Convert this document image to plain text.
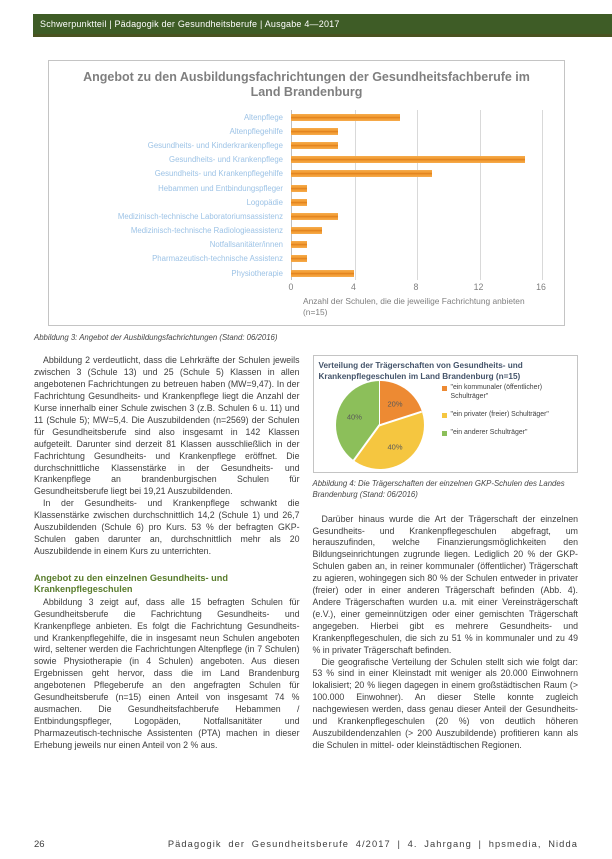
Schwerpunktteil | Pädagogik der Gesundheitsberufe | Ausgabe 4—2017
Angebot zu den Ausbildungsfachrichtungen der Gesundheitsfachberufe im Land Brandenburg
Altenpflege
Altenpflegehilfe
Gesundheits- und Kinderkrankenpflege
Gesundheits- und Krankenpflege
Gesundheits- und Krankenpflegehilfe
Hebammen und Entbindungspfleger
Logopädie
Medizinisch-technische Laboratoriumsassistenz
Medizinisch-technische Radiologieassistenz
Notfallsanitäter/innen
Pharmazeutisch-technische Assistenz
Physiotherapie
0	4	8	12	16
Anzahl der Schulen, die die jeweilige Fachrichtung anbieten (n=15)
Abbildung 3: Angebot der Ausbildungsfachrichtungen (Stand: 06/2016)

Abbildung 2 verdeutlicht, dass die Lehrkräfte der Schulen jeweils zwischen 3 (Schule 13) und 25 (Schule 5) Klassen in allen angebotenen Fachrichtungen zu betreuen haben (MW=9,47). In der Fachrichtung Gesundheits- und Krankenpflege liegt die Anzahl der Kurse innerhalb einer Schule zwischen 3 (z.B. Schulen 6 u. 11) und 11 (Schule 5); MW=5,4. Die Auszubildenden (n=2569) der Schulen für Gesundheitsberufe sind also insgesamt in 142 Klassen aufgeteilt. Darunter sind derzeit 81 Klassen ausschließlich in der Fachrichtung Gesundheits- und Krankenpflege eröffnet. Die durchschnittliche Klassenstärke in der Gesundheits- und Krankenpflege an brandenburgischen Schulen für Gesundheitsberufe liegt bei 19,21 Auszubildenden.

In der Gesundheits- und Krankenpflege schwankt die Klassenstärke zwischen durchschnittlich 14,2 (Schule 1) und 26,7 Auszubildenden (Schule 6) pro Kurs. 53 % der befragten GKP-Schulen gaben darunter an, durchschnittlich mehr als 20 Auszubildende in einem Kurs zu unterrichten.

Angebot zu den einzelnen Gesundheits- und Krankenpflegeschulen

Abbildung 3 zeigt auf, dass alle 15 befragten Schulen für Gesundheitsberufe die Fachrichtung Gesundheits- und Krankenpflege anbieten. Es folgt die Fachrichtung Gesundheits- und Krankenpflegehilfe, die in insgesamt neun Schulen angeboten wird, seltener werden die Fachrichtungen Altenpflege (in 7 Schulen) sowie Physiotherapie (in 4 Schulen) angeboten. Aus diesen Ergebnissen geht hervor, dass die im Land Brandenburg angebotenen Pflegeberufe an den angefragten Schulen für Gesundheitsberufe (n=15) einen Anteil von insgesamt 74 % ausmachen. Die Gesundheitsfachberufe Hebammen / Entbindungspfleger, Logopäden, Notfallsanitäter und Pharmazeutisch-technische Assistenten (PTA) machen in dieser Erhebung jeweils nur einen Anteil von 2 % aus.

Verteilung der Trägerschaften von Gesundheits- und Krankenpflegeschulen im Land Brandenburg (n=15)
20%
40%
40%
"ein kommunaler (öffentlicher) Schulträger"
"ein privater (freier) Schulträger"
"ein anderer Schulträger"
Abbildung 4: Die Trägerschaften der einzelnen GKP-Schulen des Landes Brandenburg (Stand: 06/2016)

Darüber hinaus wurde die Art der Trägerschaft der einzelnen Gesundheits- und Krankenpflegeschulen abgefragt, um herauszufinden, welche Finanzierungsmöglichkeiten den Bildungseinrichtungen zugrunde liegen. Lediglich 20 % der GKP-Schulen gaben an, in reiner kommunaler (öffentlicher) Trägerschaft zu agieren, wohingegen sich 80 % der Schulen entweder in privater (freier) oder in einer anderen Trägerschaft befinden (Abb. 4). Andere Trägerschaften wurden u.a. mit einer Vereinsträgerschaft (e.V.), einer gemeinnützigen oder einer gemischten Trägerschaft angegeben. Hierbei gibt es mehrere Gesundheits- und Krankenpflegeschulen, die sich zu 51 % in kommunaler und zu 49 % in privater Trägerschaft befinden.

Die geografische Verteilung der Schulen stellt sich wie folgt dar: 53 % sind in einer Kleinstadt mit weniger als 20.000 Einwohnern lokalisiert; 20 % liegen dagegen in einem großstädtischen Raum (> 100.000 Einwohner). An dieser Stelle konnte zugleich nachgewiesen werden, dass genau dieser Anteil der Gesundheits- und Krankenpflegeschulen (20 %) von deutlich höheren Auszubildendenzahlen (> 200 Auszubildende) profitieren kann als die Schulen in mittel- oder kleinstädtischen Regionen.

26	Pädagogik der Gesundheitsberufe 4/2017 | 4. Jahrgang | hpsmedia, Nidda
